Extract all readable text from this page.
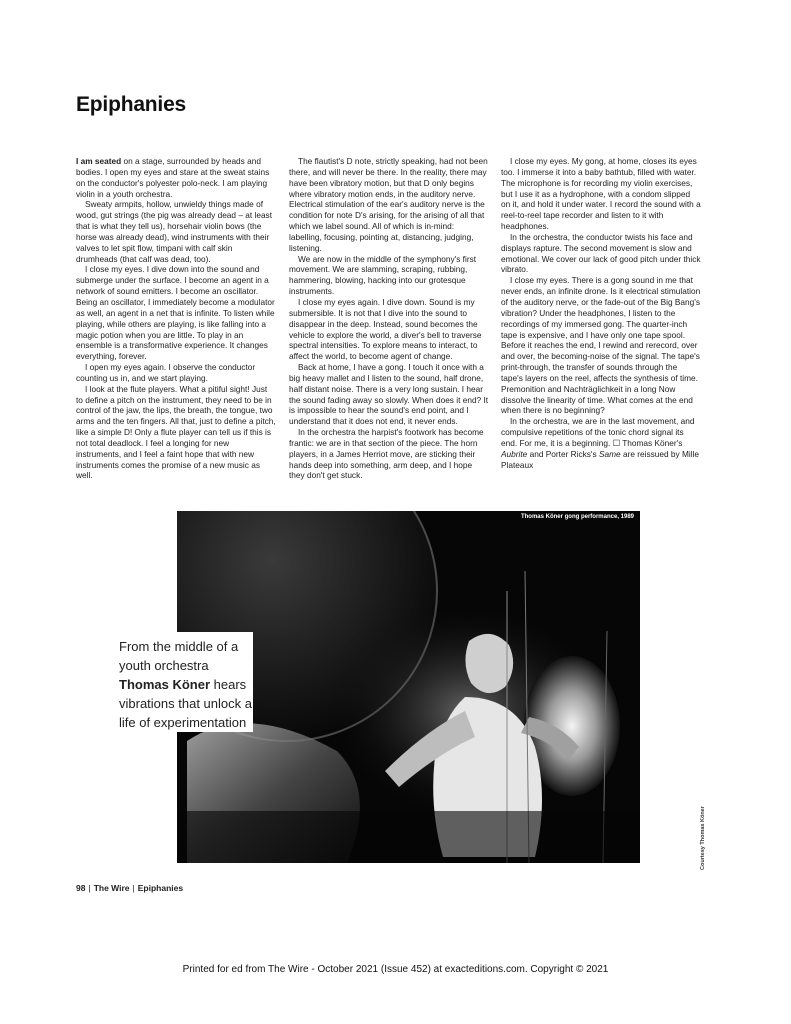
Epiphanies

I am seated on a stage, surrounded by heads and bodies. I open my eyes and stare at the sweat stains on the conductor's polyester polo-neck. I am playing violin in a youth orchestra.

Sweaty armpits, hollow, unwieldy things made of wood, gut strings (the pig was already dead – at least that is what they tell us), horsehair violin bows (the horse was already dead), wind instruments with their valves to let spit flow, timpani with calf skin drumheads (that calf was dead, too).

I close my eyes. I dive down into the sound and submerge under the surface. I become an agent in a network of sound emitters. I become an oscillator. Being an oscillator, I immediately become a modulator as well, an agent in a net that is infinite. To listen while playing, while others are playing, is like falling into a magic potion when you are little. To play in an ensemble is a transformative experience. It changes everything, forever.

I open my eyes again. I observe the conductor counting us in, and we start playing.

I look at the flute players. What a pitiful sight! Just to define a pitch on the instrument, they need to be in control of the jaw, the lips, the breath, the tongue, two arms and the ten fingers. All that, just to define a pitch, like a simple D! Only a flute player can tell us if this is not total deadlock. I feel a longing for new instruments, and I feel a faint hope that with new instruments comes the promise of a new music as well.

The flautist's D note, strictly speaking, had not been there, and will never be there. In the reality, there may have been vibratory motion, but that D only begins where vibratory motion ends, in the auditory nerve. Electrical stimulation of the ear's auditory nerve is the condition for note D's arising, for the arising of all that which we label sound. All of which is in-mind: labelling, focusing, pointing at, distancing, judging, listening.

We are now in the middle of the symphony's first movement. We are slamming, scraping, rubbing, hammering, blowing, hacking into our grotesque instruments.

I close my eyes again. I dive down. Sound is my submersible. It is not that I dive into the sound to disappear in the deep. Instead, sound becomes the vehicle to explore the world, a diver's bell to traverse spectral intensities. To explore means to interact, to affect the world, to become agent of change.

Back at home, I have a gong. I touch it once with a big heavy mallet and I listen to the sound, half drone, half distant noise. There is a very long sustain. I hear the sound fading away so slowly. When does it end? It is impossible to hear the sound's end point, and I understand that it does not end, it never ends.

In the orchestra the harpist's footwork has become frantic: we are in that section of the piece. The horn players, in a James Herriot move, are sticking their hands deep into something, arm deep, and I hope they don't get stuck.

I close my eyes. My gong, at home, closes its eyes too. I immerse it into a baby bathtub, filled with water. The microphone is for recording my violin exercises, but I use it as a hydrophone, with a condom slipped on it, and hold it under water. I record the sound with a reel-to-reel tape recorder and listen to it with headphones.

In the orchestra, the conductor twists his face and displays rapture. The second movement is slow and emotional. We cover our lack of good pitch under thick vibrato.

I close my eyes. There is a gong sound in me that never ends, an infinite drone. Is it electrical stimulation of the auditory nerve, or the fade-out of the Big Bang's vibration? Under the headphones, I listen to the recordings of my immersed gong. The quarter-inch tape is expensive, and I have only one tape spool. Before it reaches the end, I rewind and rerecord, over and over, the becoming-noise of the signal. The tape's print-through, the transfer of sounds through the tape's layers on the reel, affects the synthesis of time. Premonition and Nachträglichkeit in a long Now dissolve the linearity of time. What comes at the end when there is no beginning?

In the orchestra, we are in the last movement, and compulsive repetitions of the tonic chord signal its end. For me, it is a beginning. ☐ Thomas Köner's Aubrite and Porter Ricks's Same are reissued by Mille Plateaux

Thomas Köner gong performance, 1989
From the middle of a youth orchestra Thomas Köner hears vibrations that unlock a life of experimentation
Courtesy Thomas Köner
98 | The Wire | Epiphanies
Printed for ed from The Wire - October 2021 (Issue 452) at exacteditions.com. Copyright © 2021
